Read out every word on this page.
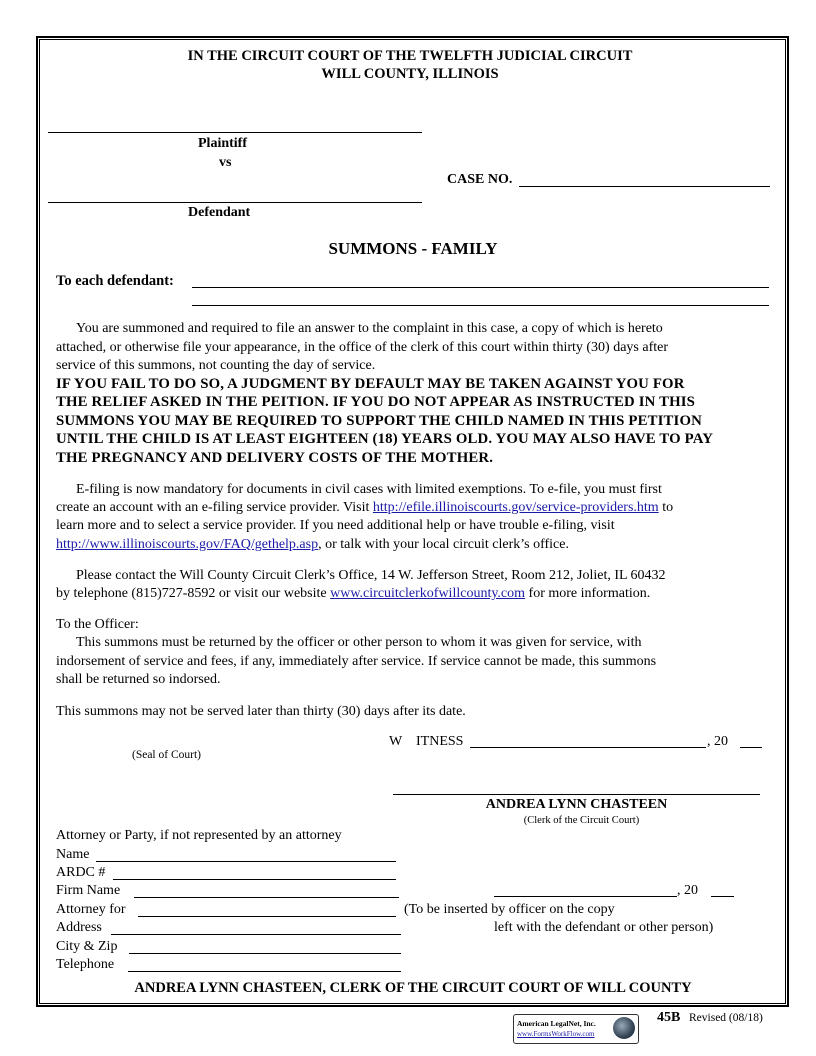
IN THE CIRCUIT COURT OF THE TWELFTH JUDICIAL CIRCUIT
WILL COUNTY, ILLINOIS
Plaintiff
vs
CASE NO.
Defendant
SUMMONS - FAMILY
To each defendant:
You are summoned and required to file an answer to the complaint in this case, a copy of which is hereto
attached, or otherwise file your appearance, in the office of the clerk of this court within thirty (30) days after
service of this summons, not counting the day of service.
IF YOU FAIL TO DO SO, A JUDGMENT BY DEFAULT MAY BE TAKEN AGAINST YOU FOR
THE RELIEF ASKED IN THE PEITION. IF YOU DO NOT APPEAR AS INSTRUCTED IN THIS
SUMMONS YOU MAY BE REQUIRED TO SUPPORT THE CHILD NAMED IN THIS PETITION
UNTIL THE CHILD IS AT LEAST EIGHTEEN (18) YEARS OLD. YOU MAY ALSO HAVE TO PAY
THE PREGNANCY AND DELIVERY COSTS OF THE MOTHER.
E-filing is now mandatory for documents in civil cases with limited exemptions. To e-file, you must first
create an account with an e-filing service provider. Visit http://efile.illinoiscourts.gov/service-providers.htm to
learn more and to select a service provider. If you need additional help or have trouble e-filing, visit
http://www.illinoiscourts.gov/FAQ/gethelp.asp, or talk with your local circuit clerk’s office.
Please contact the Will County Circuit Clerk’s Office, 14 W. Jefferson Street, Room 212, Joliet, IL 60432
by telephone (815)727-8592 or visit our website www.circuitclerkofwillcounty.com for more information.
To the Officer:
This summons must be returned by the officer or other person to whom it was given for service, with
indorsement of service and fees, if any, immediately after service. If service cannot be made, this summons
shall be returned so indorsed.
This summons may not be served later than thirty (30) days after its date.
W ITNESS	, 20
(Seal of Court)
ANDREA LYNN CHASTEEN
(Clerk of the Circuit Court)
Attorney or Party, if not represented by an attorney
Name
ARDC #
Firm Name
Attorney for
Address
City & Zip
Telephone
, 20
(To be inserted by officer on the copy
left with the defendant or other person)
ANDREA LYNN CHASTEEN, CLERK OF THE CIRCUIT COURT OF WILL COUNTY
American LegalNet, Inc.
www.FormsWorkFlow.com
45B Revised (08/18)
